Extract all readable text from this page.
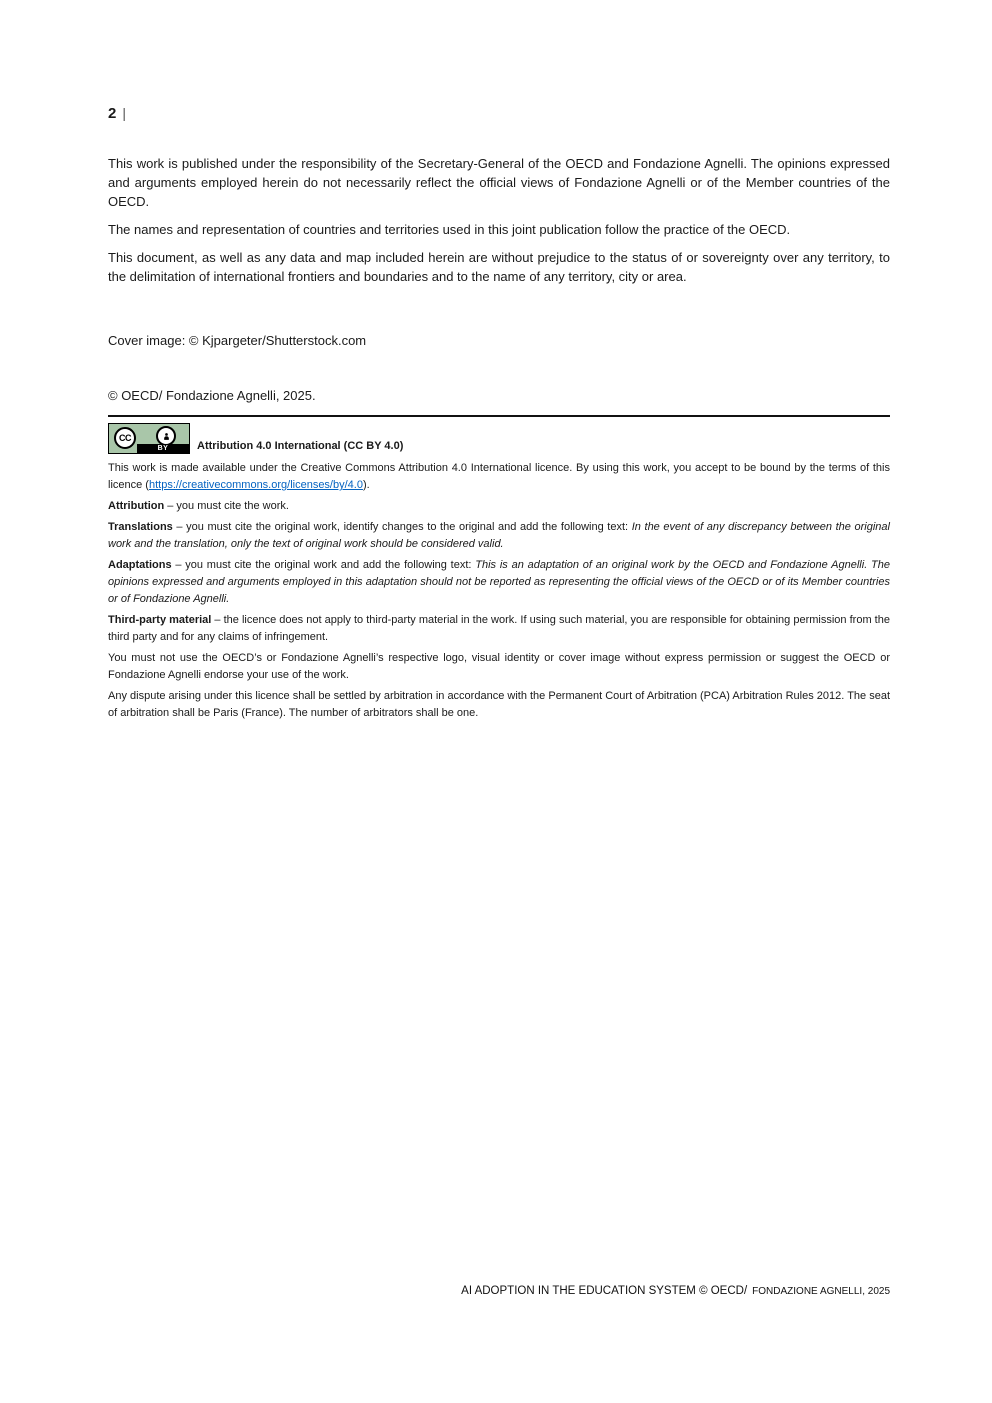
2 |

This work is published under the responsibility of the Secretary-General of the OECD and Fondazione Agnelli. The opinions expressed and arguments employed herein do not necessarily reflect the official views of Fondazione Agnelli or of the Member countries of the OECD.

The names and representation of countries and territories used in this joint publication follow the practice of the OECD.

This document, as well as any data and map included herein are without prejudice to the status of or sovereignty over any territory, to the delimitation of international frontiers and boundaries and to the name of any territory, city or area.

Cover image: © Kjpargeter/Shutterstock.com
© OECD/ Fondazione Agnelli, 2025.
CC
BY	Attribution 4.0 International (CC BY 4.0)

This work is made available under the Creative Commons Attribution 4.0 International licence. By using this work, you accept to be bound by the terms of this licence (https://creativecommons.org/licenses/by/4.0).

Attribution – you must cite the work.

Translations – you must cite the original work, identify changes to the original and add the following text: In the event of any discrepancy between the original work and the translation, only the text of original work should be considered valid.

Adaptations – you must cite the original work and add the following text: This is an adaptation of an original work by the OECD and Fondazione Agnelli. The opinions expressed and arguments employed in this adaptation should not be reported as representing the official views of the OECD or of its Member countries or of Fondazione Agnelli.

Third-party material – the licence does not apply to third-party material in the work. If using such material, you are responsible for obtaining permission from the third party and for any claims of infringement.

You must not use the OECD’s or Fondazione Agnelli’s respective logo, visual identity or cover image without express permission or suggest the OECD or Fondazione Agnelli endorse your use of the work.

Any dispute arising under this licence shall be settled by arbitration in accordance with the Permanent Court of Arbitration (PCA) Arbitration Rules 2012. The seat of arbitration shall be Paris (France). The number of arbitrators shall be one.

AI ADOPTION IN THE EDUCATION SYSTEM © OECD/ FONDAZIONE AGNELLI, 2025
